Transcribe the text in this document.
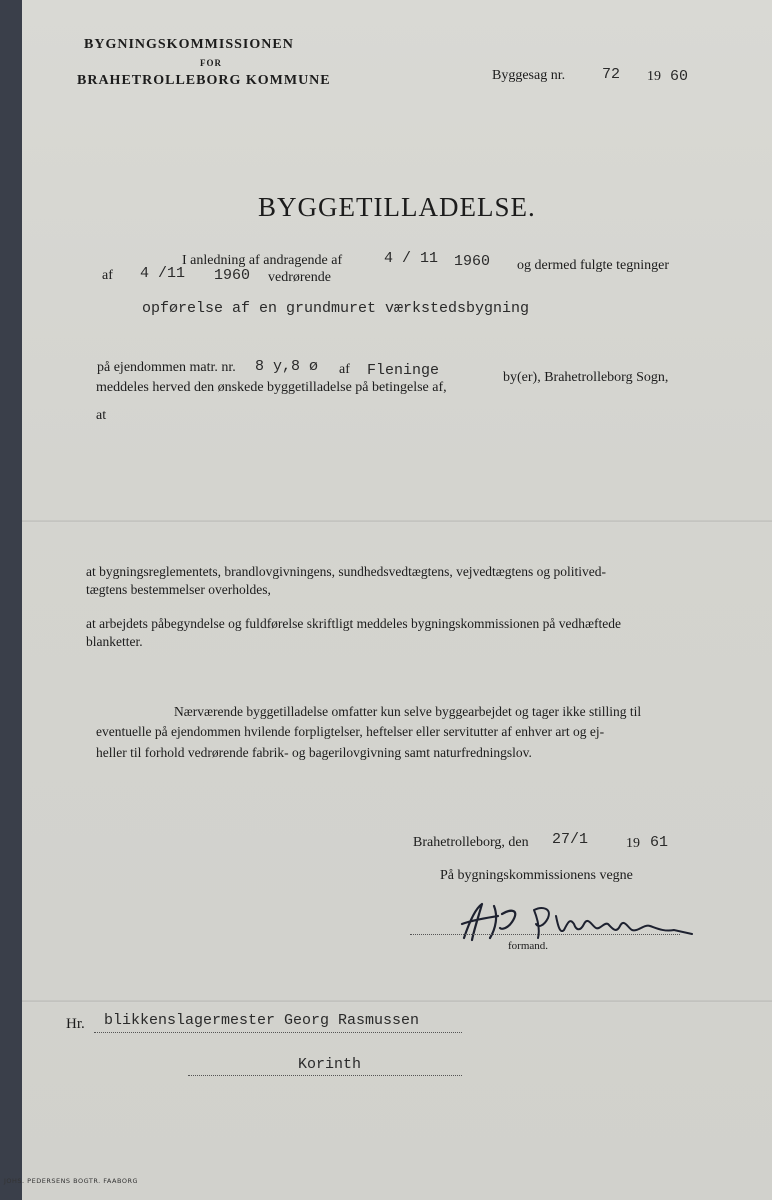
BYGNINGSKOMMISSIONEN
FOR
BRAHETROLLEBORG KOMMUNE	Byggesag nr. 72 19 60
BYGGETILLADELSE.
I anledning af andragende af	4 / 11 1960 og dermed fulgte tegninger
af 4 /11 1960 vedrørende
opførelse af en grundmuret værkstedsbygning
på ejendommen matr. nr. 8 y,8 ø af Fleninge	by(er), Brahetrolleborg Sogn,
meddeles herved den ønskede byggetilladelse på betingelse af,
at
at bygningsreglementets, brandlovgivningens, sundhedsvedtægtens, vejvedtægtens og politived-
tægtens bestemmelser overholdes,
at arbejdets påbegyndelse og fuldførelse skriftligt meddeles bygningskommissionen på vedhæftede
blanketter.
Nærværende byggetilladelse omfatter kun selve byggearbejdet og tager ikke stilling til
eventuelle på ejendommen hvilende forpligtelser, heftelser eller servitutter af enhver art og ej-
heller til forhold vedrørende fabrik- og bagerilovgivning samt naturfredningslov.
Brahetrolleborg, den 27/1	19 61
På bygningskommissionens vegne
formand.
Hr. blikkenslagermester Georg Rasmussen
Korinth
JOHS. PEDERSENS BOGTR. FAABORG
